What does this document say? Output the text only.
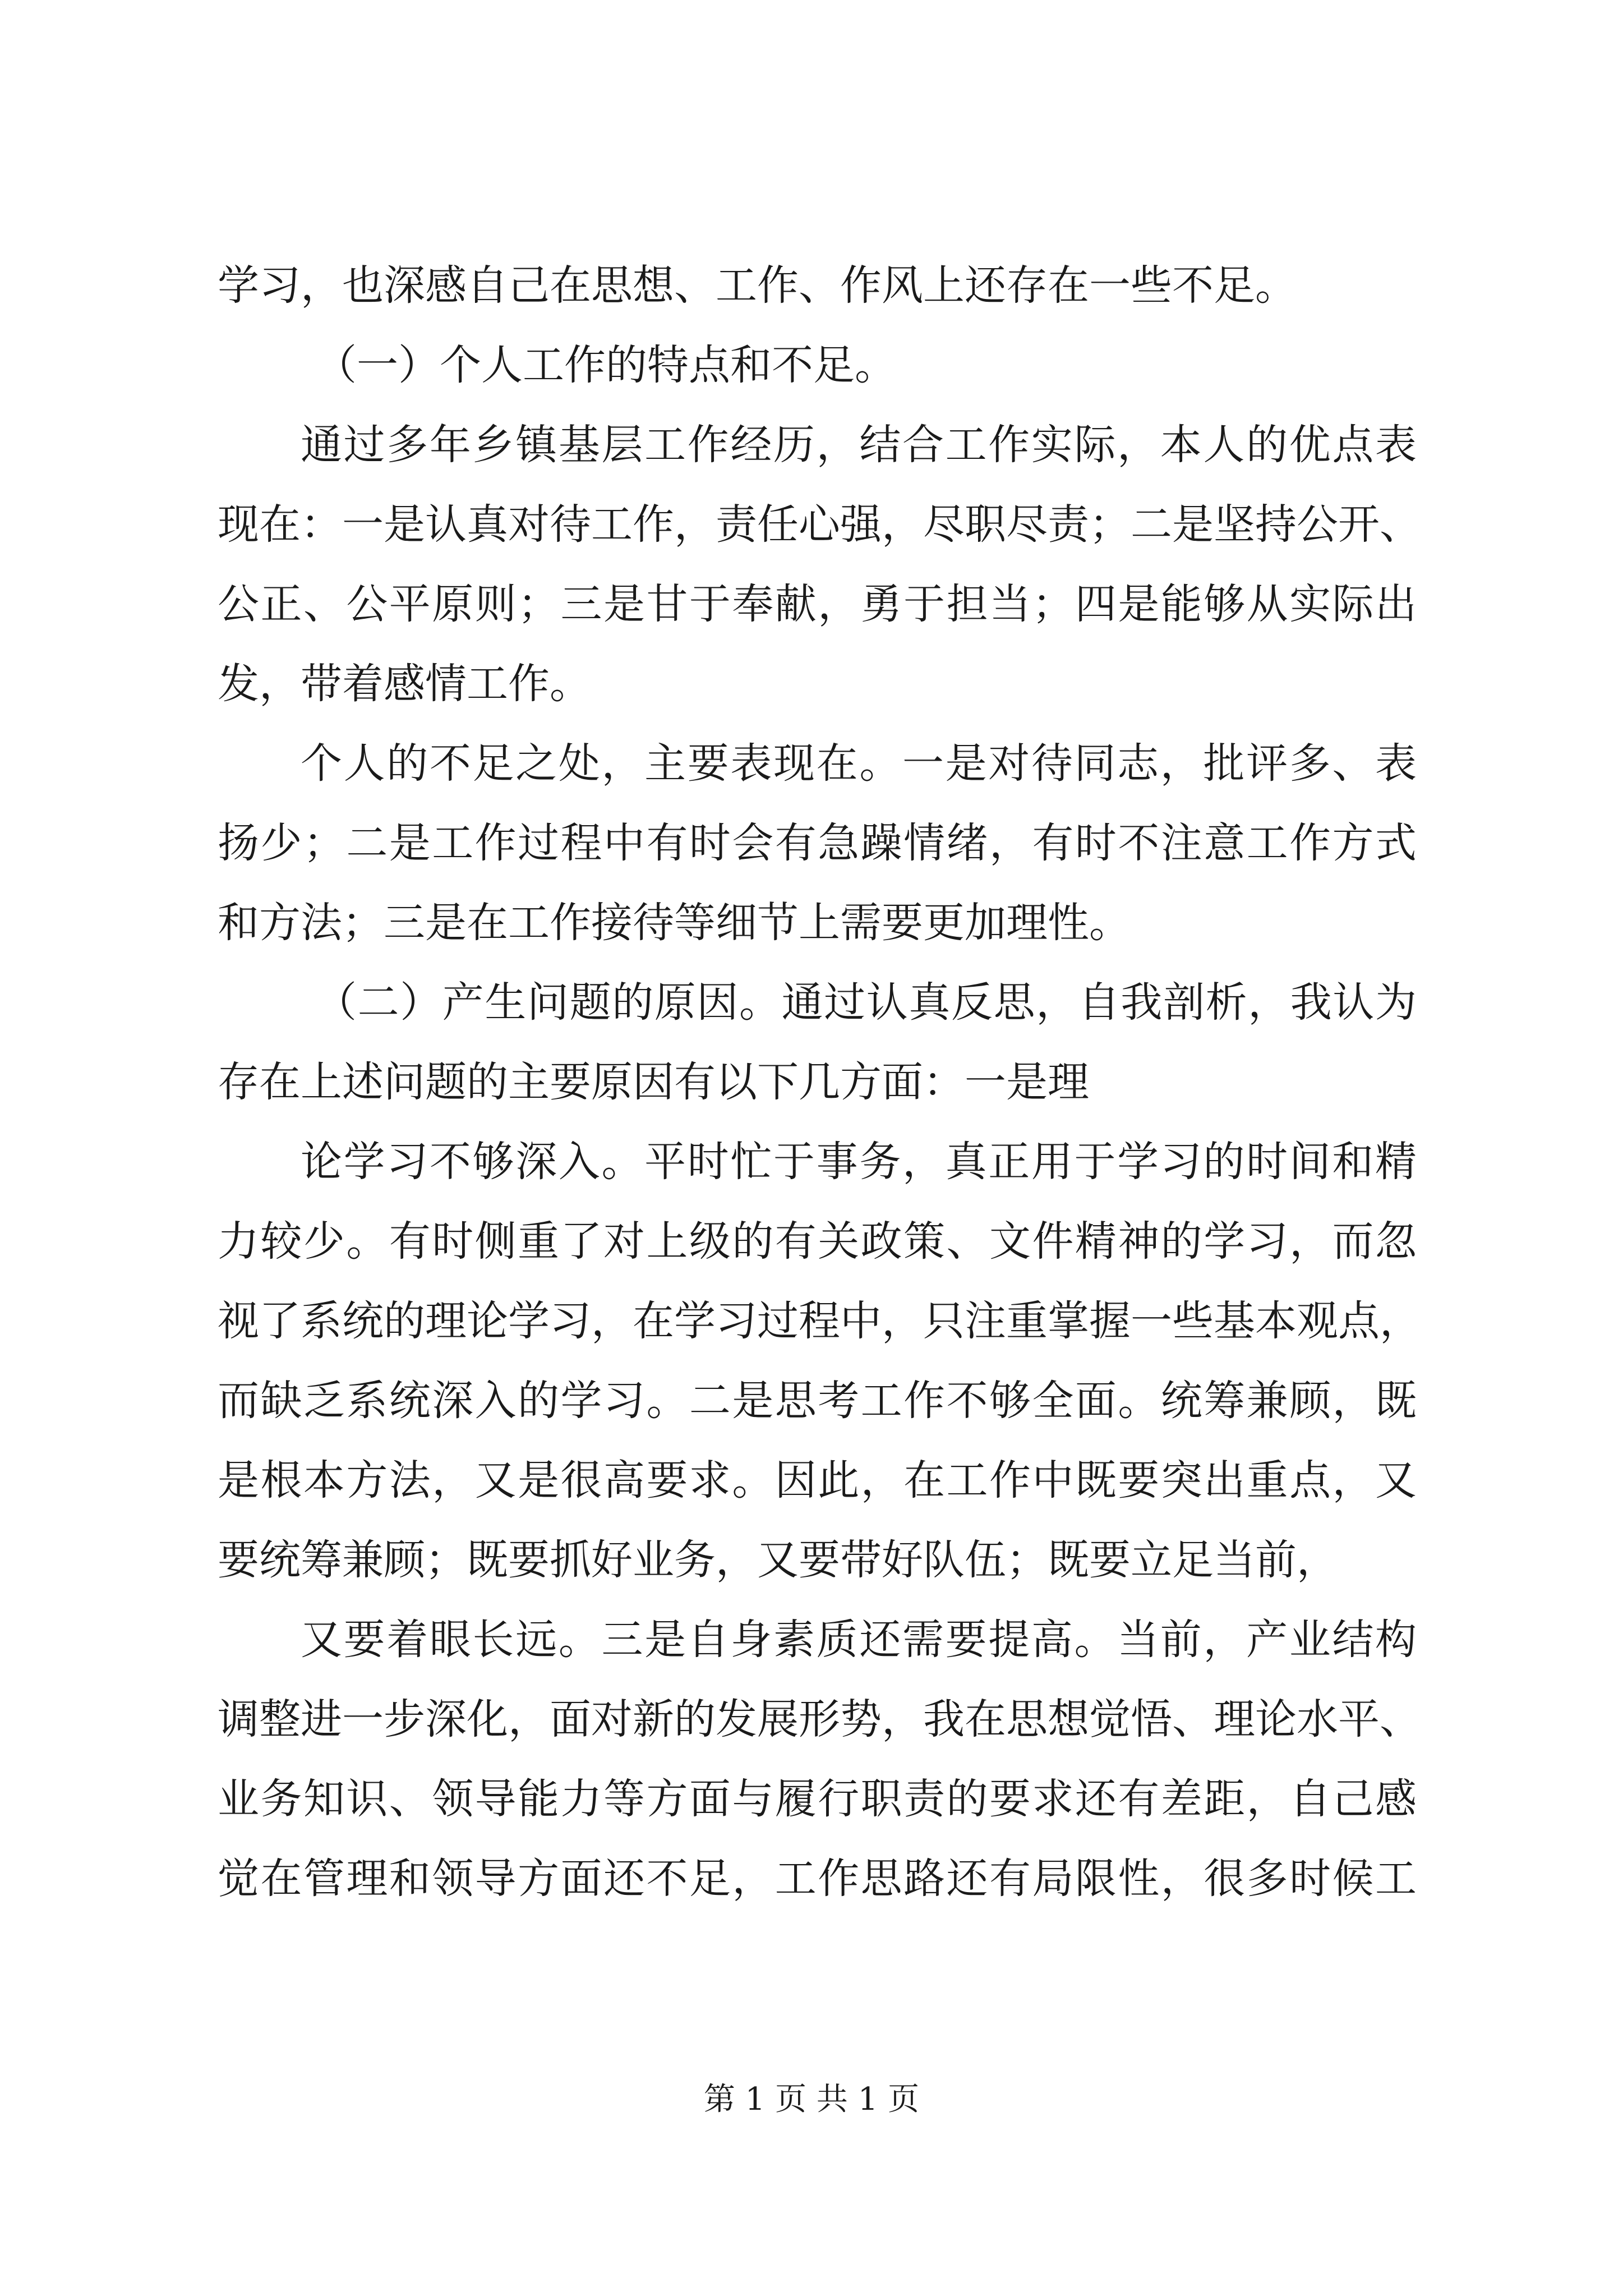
学习，也深感自己在思想、工作、作风上还存在一些不足。
（一）个人工作的特点和不足。
通过多年乡镇基层工作经历，结合工作实际，本人的优点表
现在：一是认真对待工作，责任心强，尽职尽责；二是坚持公开、
公正、公平原则；三是甘于奉献，勇于担当；四是能够从实际出
发，带着感情工作。
个人的不足之处，主要表现在。一是对待同志，批评多、表
扬少；二是工作过程中有时会有急躁情绪，有时不注意工作方式
和方法；三是在工作接待等细节上需要更加理性。
（二）产生问题的原因。通过认真反思，自我剖析，我认为
存在上述问题的主要原因有以下几方面：一是理
论学习不够深入。平时忙于事务，真正用于学习的时间和精
力较少。有时侧重了对上级的有关政策、文件精神的学习，而忽
视了系统的理论学习，在学习过程中，只注重掌握一些基本观点，
而缺乏系统深入的学习。二是思考工作不够全面。统筹兼顾，既
是根本方法，又是很高要求。因此，在工作中既要突出重点，又
要统筹兼顾；既要抓好业务，又要带好队伍；既要立足当前，
又要着眼长远。三是自身素质还需要提高。当前，产业结构
调整进一步深化，面对新的发展形势，我在思想觉悟、理论水平、
业务知识、领导能力等方面与履行职责的要求还有差距，自己感
觉在管理和领导方面还不足，工作思路还有局限性，很多时候工
第 1 页 共 1 页
